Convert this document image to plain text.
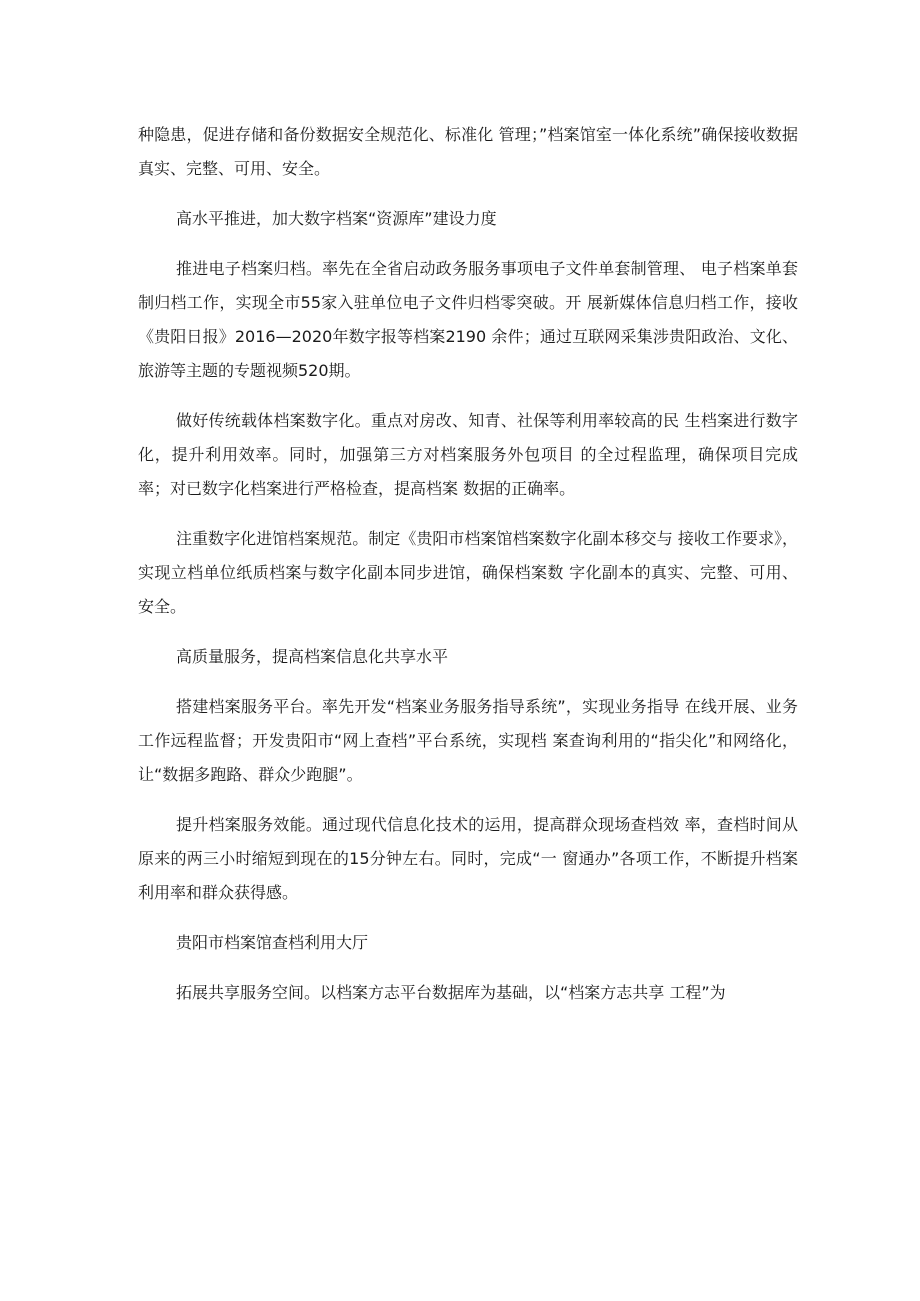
种隐患，促进存储和备份数据安全规范化、标准化 管理；”档案馆室一体化系统”确保接收数据真实、完整、可用、安全。

高水平推进，加大数字档案“资源库”建设力度

推进电子档案归档。率先在全省启动政务服务事项电子文件单套制管理、 电子档案单套制归档工作，实现全市55家入驻单位电子文件归档零突破。开 展新媒体信息归档工作，接收《贵阳日报》2016—2020年数字报等档案2190 余件；通过互联网采集涉贵阳政治、文化、旅游等主题的专题视频520期。

做好传统载体档案数字化。重点对房改、知青、社保等利用率较高的民 生档案进行数字化，提升利用效率。同时，加强第三方对档案服务外包项目 的全过程监理，确保项目完成率；对已数字化档案进行严格检查，提高档案 数据的正确率。

注重数字化进馆档案规范。制定《贵阳市档案馆档案数字化副本移交与 接收工作要求》，实现立档单位纸质档案与数字化副本同步进馆，确保档案数 字化副本的真实、完整、可用、安全。

高质量服务，提高档案信息化共享水平

搭建档案服务平台。率先开发“档案业务服务指导系统”，实现业务指导 在线开展、业务工作远程监督；开发贵阳市“网上查档”平台系统，实现档 案查询利用的“指尖化”和网络化，让“数据多跑路、群众少跑腿”。

提升档案服务效能。通过现代信息化技术的运用，提高群众现场查档效 率，查档时间从原来的两三小时缩短到现在的15分钟左右。同时，完成“一 窗通办”各项工作，不断提升档案利用率和群众获得感。

贵阳市档案馆查档利用大厅

拓展共享服务空间。以档案方志平台数据库为基础，以“档案方志共享 工程”为
